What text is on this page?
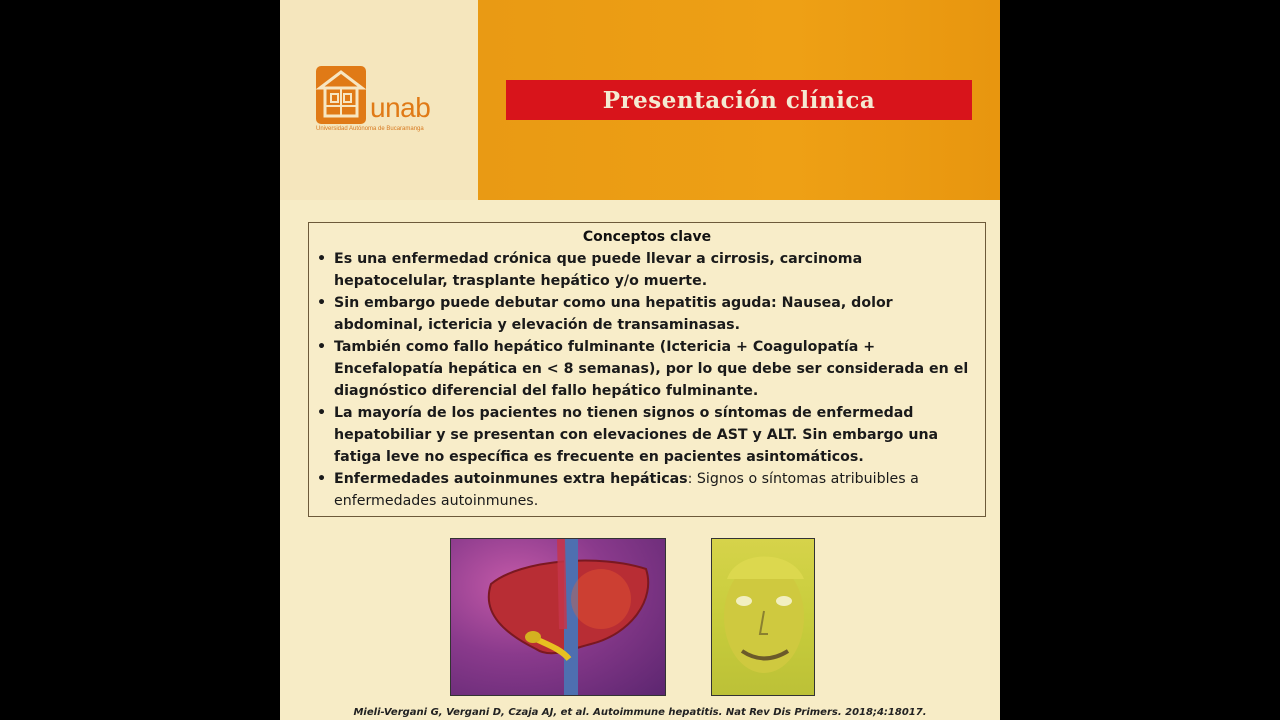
unab
Universidad Autónoma de Bucaramanga
Presentación clínica
Conceptos clave
• Es una enfermedad crónica que puede llevar a cirrosis, carcinoma hepatocelular, trasplante hepático y/o muerte.
• Sin embargo puede debutar como una hepatitis aguda: Nausea, dolor abdominal, ictericia y elevación de transaminasas.
• También como fallo hepático fulminante (Ictericia + Coagulopatía + Encefalopatía hepática en < 8 semanas), por lo que debe ser considerada en el diagnóstico diferencial del fallo hepático fulminante.
• La mayoría de los pacientes no tienen signos o síntomas de enfermedad hepatobiliar y se presentan con elevaciones de AST y ALT. Sin embargo una fatiga leve no específica es frecuente en pacientes asintomáticos.
• Enfermedades autoinmunes extra hepáticas: Signos o síntomas atribuibles a enfermedades autoinmunes.
Mieli-Vergani G, Vergani D, Czaja AJ, et al. Autoimmune hepatitis. Nat Rev Dis Primers. 2018;4:18017.
